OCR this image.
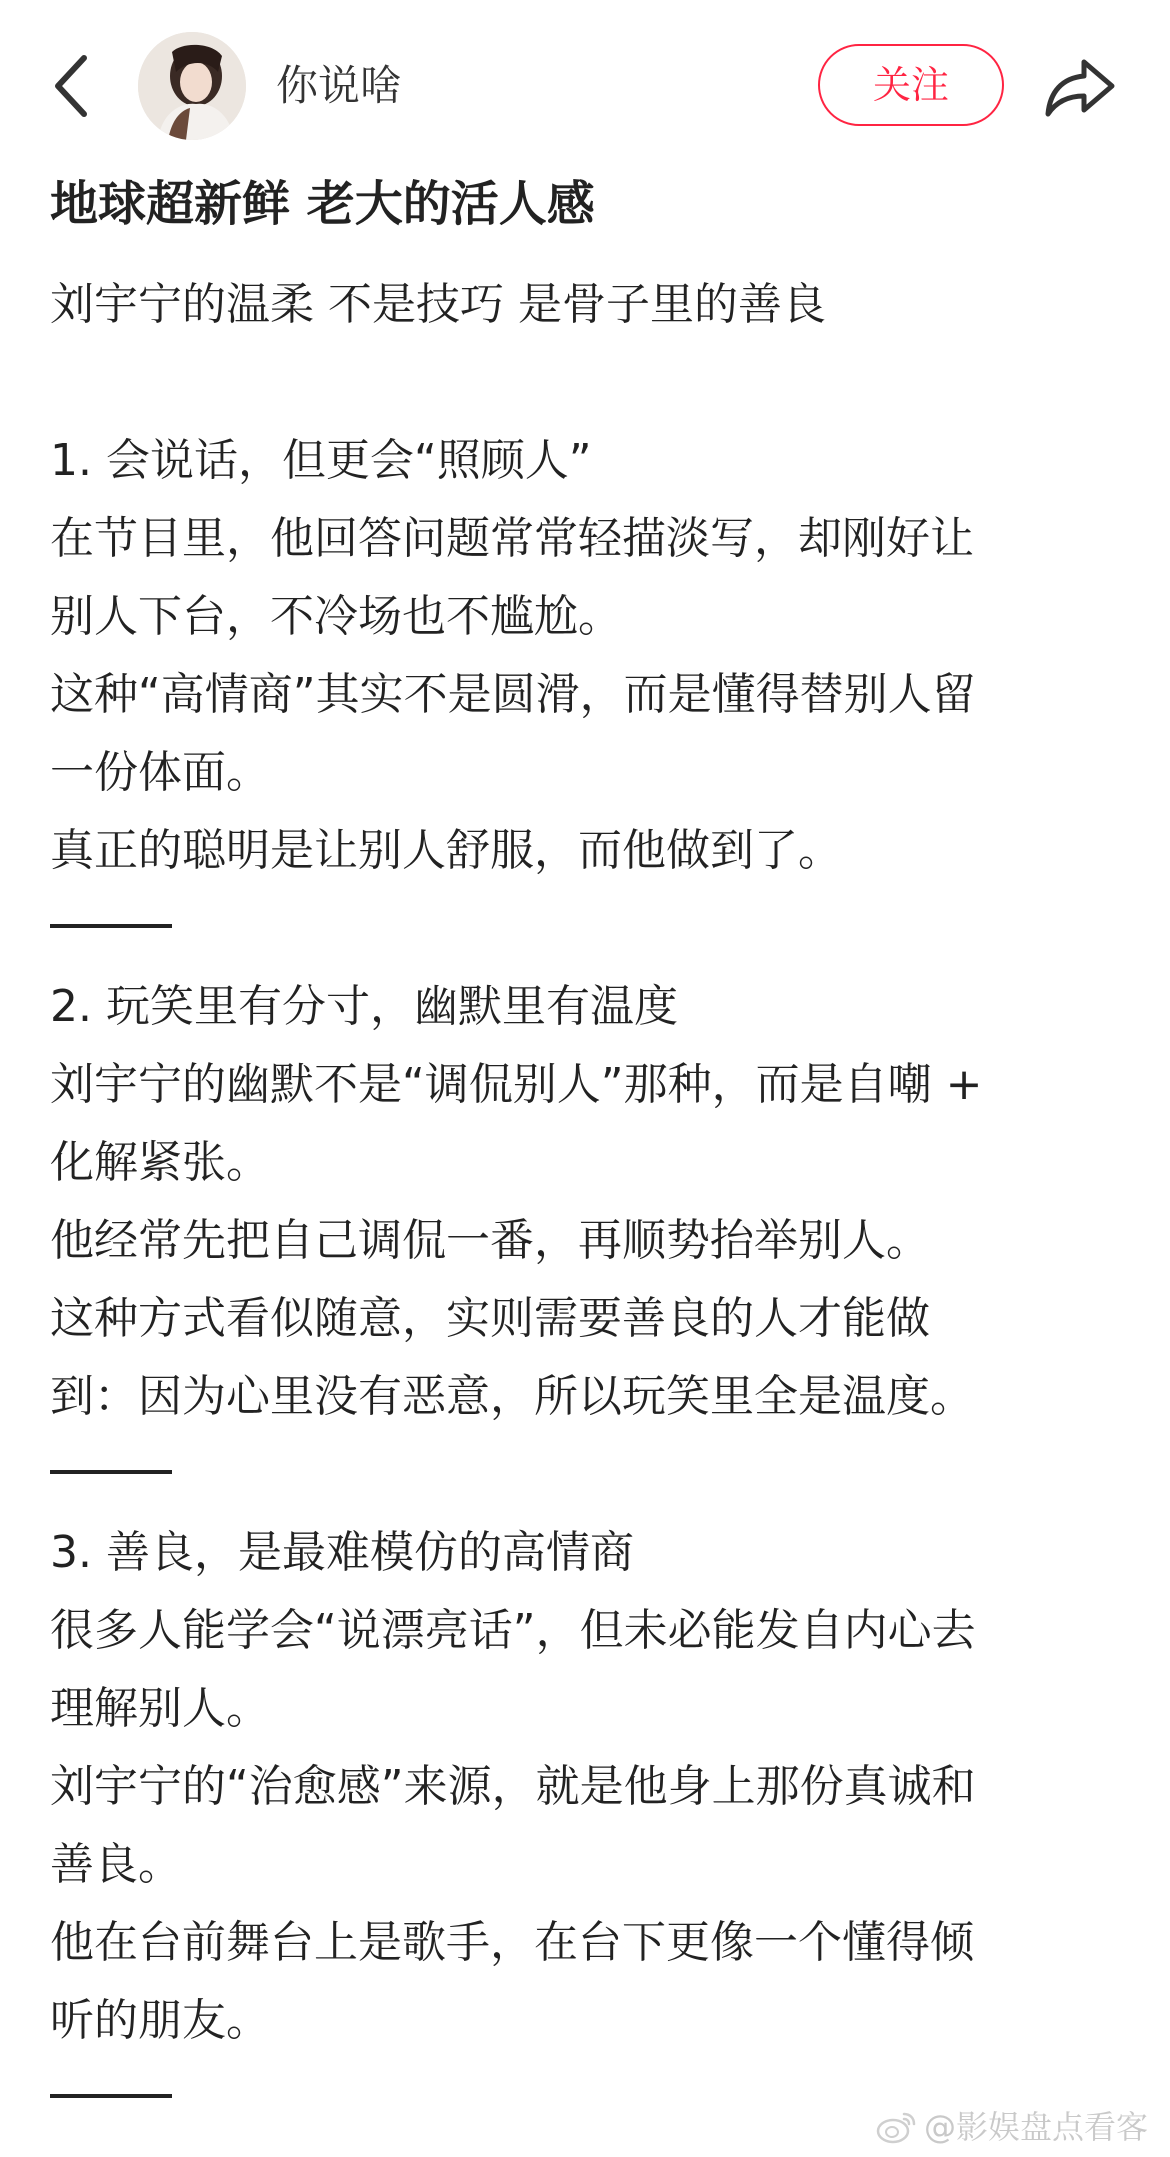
你说啥	关注
地球超新鲜 老大的活人感
刘宇宁的温柔 不是技巧 是骨子里的善良
1. 会说话，但更会“照顾人”
在节目里，他回答问题常常轻描淡写，却刚好让
别人下台，不冷场也不尴尬。
这种“高情商”其实不是圆滑，而是懂得替别人留
一份体面。
真正的聪明是让别人舒服，而他做到了。
2. 玩笑里有分寸，幽默里有温度
刘宇宁的幽默不是“调侃别人”那种，而是自嘲 +
化解紧张。
他经常先把自己调侃一番，再顺势抬举别人。
这种方式看似随意，实则需要善良的人才能做
到：因为心里没有恶意，所以玩笑里全是温度。
3. 善良，是最难模仿的高情商
很多人能学会“说漂亮话”，但未必能发自内心去
理解别人。
刘宇宁的“治愈感”来源，就是他身上那份真诚和
善良。
他在台前舞台上是歌手，在台下更像一个懂得倾
听的朋友。
@影娱盘点看客
